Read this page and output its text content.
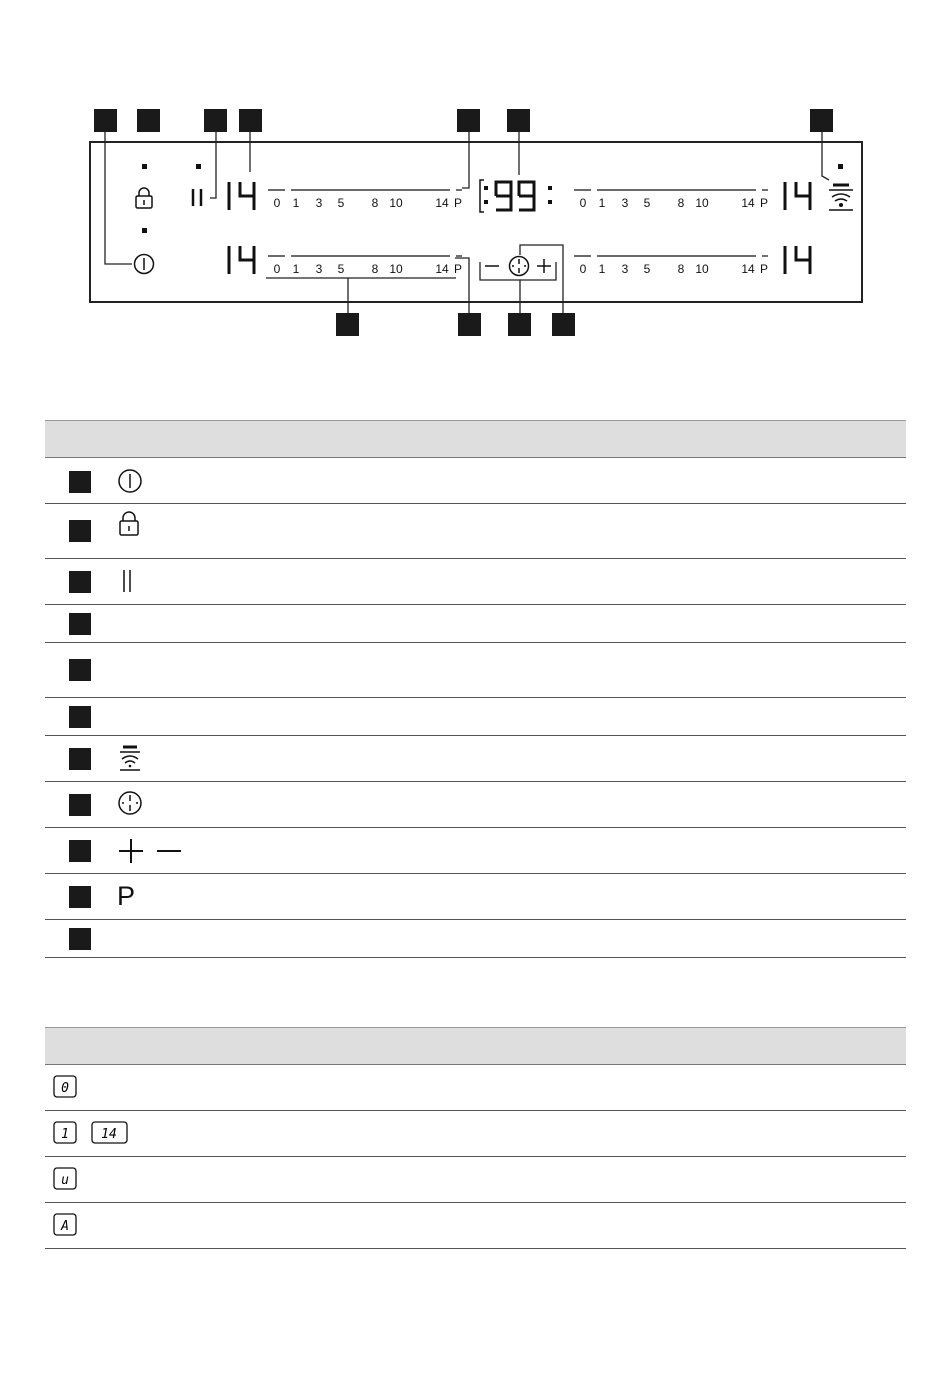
0 1 3 5 8 10	14 P
0 1 3 5 8 10	14 P
0 1 3 5 8 10	14 P
0 1 3 5 8 10	14 P
P
0
1 14
u
A
